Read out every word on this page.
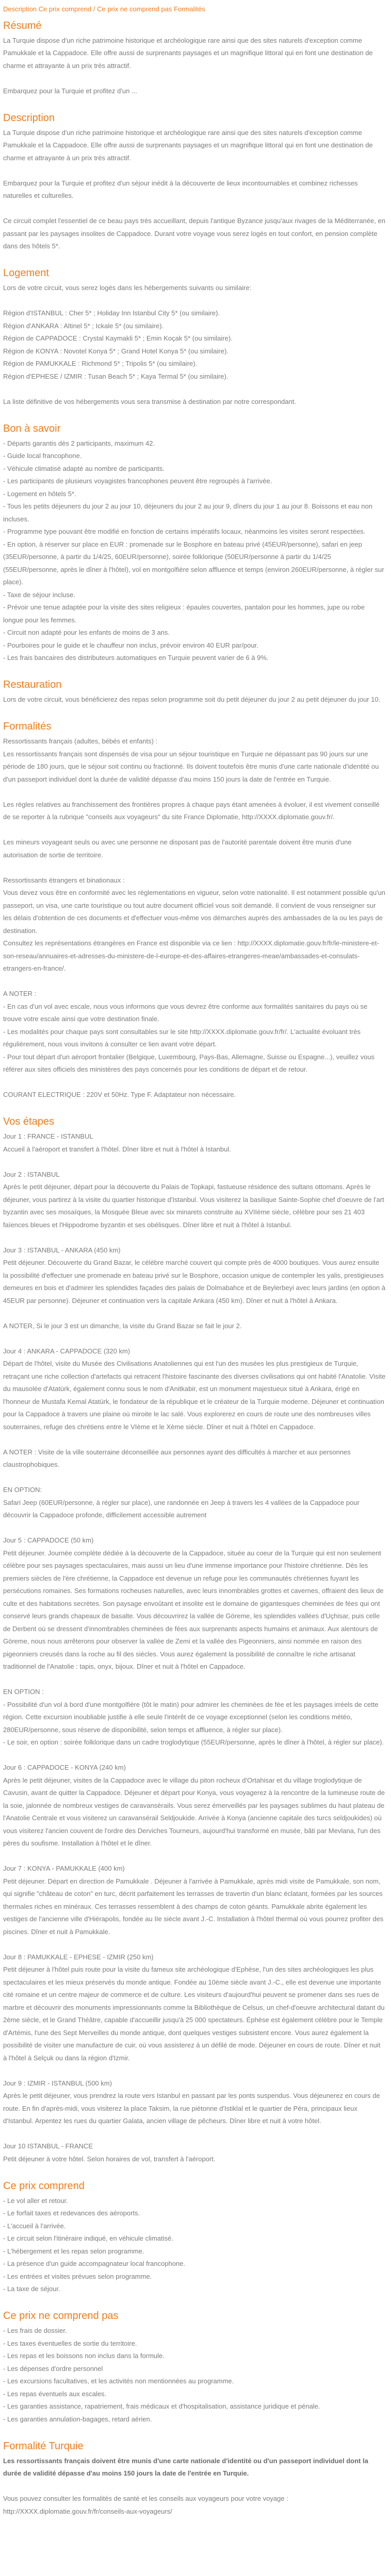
Description Ce prix comprend / Ce prix ne comprend pas Formalités
Résumé
La Turquie dispose d'un riche patrimoine historique et archéologique rare ainsi que des sites naturels d'exception comme Pamukkale et la Cappadoce. Elle offre aussi de surprenants paysages et un magnifique littoral qui en font une destination de charme et attrayante à un prix très attractif.
Embarquez pour la Turquie et profitez d'un ...
Description
La Turquie dispose d'un riche patrimoine historique et archéologique rare ainsi que des sites naturels d'exception comme Pamukkale et la Cappadoce. Elle offre aussi de surprenants paysages et un magnifique littoral qui en font une destination de charme et attrayante à un prix très attractif.
Embarquez pour la Turquie et profitez d'un séjour inédit à la découverte de lieux incontournables et combinez richesses naturelles et culturelles.
Ce circuit complet l'essentiel de ce beau pays très accueillant, depuis l'antique Byzance jusqu'aux rivages de la Méditerranée, en passant par les paysages insolites de Cappadoce. Durant votre voyage vous serez logés en tout confort, en pension complète dans des hôtels 5*.
Logement
Lors de votre circuit, vous serez logés dans les hébergements suivants ou similaire:
Région d'ISTANBUL : Cher 5* ; Holiday Inn Istanbul City 5* (ou similaire).
Région d'ANKARA : Altinel 5* ; Ickale 5* (ou similaire).
Région de CAPPADOCE : Crystal Kaymakli 5* ; Emin Koçak 5* (ou similaire).
Région de KONYA : Novotel Konya 5* ; Grand Hotel Konya 5* (ou similaire).
Région de PAMUKKALE : Richmond 5* ; Tripolis 5* (ou similaire).
Région d'EPHESE / IZMIR : Tusan Beach 5* ; Kaya Termal 5* (ou similaire).
La liste définitive de vos hébergements vous sera transmise à destination par notre correspondant.
Bon à savoir
- Départs garantis dès 2 participants, maximum 42.
- Guide local francophone.
- Véhicule climatisé adapté au nombre de participants.
- Les participants de plusieurs voyagistes francophones peuvent être regroupés à l'arrivée.
- Logement en hôtels 5*.
- Tous les petits déjeuners du jour 2 au jour 10, déjeuners du jour 2 au jour 9, dîners du jour 1 au jour 8. Boissons et eau non incluses.
- Programme type pouvant être modifié en fonction de certains impératifs locaux, néanmoins les visites seront respectées.
- En option, à réserver sur place en EUR : promenade sur le Bosphore en bateau privé (45EUR/personne), safari en jeep (35EUR/personne, à partir du 1/4/25, 60EUR/personne), soirée folklorique (50EUR/personne à partir du 1/4/25 (55EUR/personne, après le dîner à l'hôtel), vol en montgolfière selon affluence et temps (environ 260EUR/personne, à régler sur place).
- Taxe de séjour incluse.
- Prévoir une tenue adaptée pour la visite des sites religieux : épaules couvertes, pantalon pour les hommes, jupe ou robe longue pour les femmes.
- Circuit non adapté pour les enfants de moins de 3 ans.
- Pourboires pour le guide et le chauffeur non inclus, prévoir environ 40 EUR par/pour.
- Les frais bancaires des distributeurs automatiques en Turquie peuvent varier de 6 à 9%.
Restauration
Lors de votre circuit, vous bénéficierez des repas selon programme soit du petit déjeuner du jour 2 au petit déjeuner du jour 10.
Formalités
Ressortissants français (adultes, bébés et enfants) :
Les ressortissants français sont dispensés de visa pour un séjour touristique en Turquie ne dépassant pas 90 jours sur une période de 180 jours, que le séjour soit continu ou fractionné. Ils doivent toutefois être munis d'une carte nationale d'identité ou d'un passeport individuel dont la durée de validité dépasse d'au moins 150 jours la date de l'entrée en Turquie.
Les règles relatives au franchissement des frontières propres à chaque pays étant amenées à évoluer, il est vivement conseillé de se reporter à la rubrique "conseils aux voyageurs" du site France Diplomatie, http://XXXX.diplomatie.gouv.fr/.
Les mineurs voyageant seuls ou avec une personne ne disposant pas de l'autorité parentale doivent être munis d'une autorisation de sortie de territoire.
Ressortissants étrangers et binationaux :
Vous devez vous être en conformité avec les réglementations en vigueur, selon votre nationalité. Il est notamment possible qu'un passeport, un visa, une carte touristique ou tout autre document officiel vous soit demandé. Il convient de vous renseigner sur les délais d'obtention de ces documents et d'effectuer vous-même vos démarches auprès des ambassades de la ou les pays de destination.
Consultez les représentations étrangères en France est disponible via ce lien : http://XXXX.diplomatie.gouv.fr/fr/le-ministere-et-son-reseau/annuaires-et-adresses-du-ministere-de-l-europe-et-des-affaires-etrangeres-meae/ambassades-et-consulats-etrangers-en-france/.
A NOTER :
- En cas d'un vol avec escale, nous vous informons que vous devrez être conforme aux formalités sanitaires du pays où se trouve votre escale ainsi que votre destination finale.
- Les modalités pour chaque pays sont consultables sur le site http://XXXX.diplomatie.gouv.fr/fr/. L'actualité évoluant très régulièrement, nous vous invitons à consulter ce lien avant votre départ.
- Pour tout départ d'un aéroport frontalier (Belgique, Luxembourg, Pays-Bas, Allemagne, Suisse ou Espagne...), veuillez vous référer aux sites officiels des ministères des pays concernés pour les conditions de départ et de retour.
COURANT ELECTRIQUE : 220V et 50Hz. Type F. Adaptateur non nécessaire.
Vos étapes
Jour 1 : FRANCE - ISTANBUL
Accueil à l'aéroport et transfert à l'hôtel. Dîner libre et nuit à l'hôtel à Istanbul.
Jour 2 : ISTANBUL
Après le petit déjeuner, départ pour la découverte du Palais de Topkapi, fastueuse résidence des sultans ottomans. Après le déjeuner, vous partirez à la visite du quartier historique d'Istanbul. Vous visiterez la basilique Sainte-Sophie chef d'oeuvre de l'art byzantin avec ses mosaïques, la Mosquée Bleue avec six minarets construite au XVIIème siècle, célèbre pour ses 21 403 faïences bleues et l'Hippodrome byzantin et ses obélisques. Dîner libre et nuit à l'hôtel à Istanbul.
Jour 3 : ISTANBUL - ANKARA (450 km)
Petit déjeuner. Découverte du Grand Bazar, le célèbre marché couvert qui compte près de 4000 boutiques. Vous aurez ensuite la possibilité d'effectuer une promenade en bateau privé sur le Bosphore, occasion unique de contempler les yalis, prestigieuses demeures en bois et d'admirer les splendides façades des palais de Dolmabahce et de Beylerbeyi avec leurs jardins (en option à 45EUR par personne). Déjeuner et continuation vers la capitale Ankara (450 km). Dîner et nuit à l'hôtel à Ankara.
A NOTER, Si le jour 3 est un dimanche, la visite du Grand Bazar se fait le jour 2.
Jour 4 : ANKARA - CAPPADOCE (320 km)
Départ de l'hôtel, visite du Musée des Civilisations Anatoliennes qui est l'un des musées les plus prestigieux de Turquie, retraçant une riche collection d'artefacts qui retracent l'histoire fascinante des diverses civilisations qui ont habité l'Anatolie. Visite du mausolée d'Atatürk, également connu sous le nom d'Anitkabir, est un monument majestueux situé à Ankara, érigé en l'honneur de Mustafa Kemal Atatürk, le fondateur de la république et le créateur de la Turquie moderne. Déjeuner et continuation pour la Cappadoce à travers une plaine où miroite le lac salé. Vous explorerez en cours de route une des nombreuses villes souterraines, refuge des chrétiens entre le VIème et le Xème siècle. Dîner et nuit à l'hôtel en Cappadoce.
A NOTER : Visite de la ville souterraine déconseillée aux personnes ayant des difficultés à marcher et aux personnes claustrophobiques.
EN OPTION:
Safari Jeep (60EUR/personne, à régler sur place), une randonnée en Jeep à travers les 4 vallées de la Cappadoce pour découvrir la Cappadoce profonde, difficilement accessible autrement
Jour 5 : CAPPADOCE (50 km)
Petit déjeuner. Journée complète dédiée à la découverte de la Cappadoce, située au coeur de la Turquie qui est non seulement célèbre pour ses paysages spectaculaires, mais aussi un lieu d'une immense importance pour l'histoire chrétienne. Dès les premiers siècles de l'ère chrétienne, la Cappadoce est devenue un refuge pour les communautés chrétiennes fuyant les persécutions romaines. Ses formations rocheuses naturelles, avec leurs innombrables grottes et cavernes, offraient des lieux de culte et des habitations secrètes. Son paysage envoûtant et insolite est le domaine de gigantesques cheminées de fées qui ont conservé leurs grands chapeaux de basalte. Vous découvrirez la vallée de Göreme, les splendides vallées d'Uçhisar, puis celle de Derbent où se dressent d'innombrables cheminées de fées aux surprenants aspects humains et animaux. Aux alentours de Göreme, nous nous arrêterons pour observer la vallée de Zemi et la vallée des Pigeonniers, ainsi nommée en raison des pigeonniers creusés dans la roche au fil des siècles. Vous aurez également la possibilité de connaître le riche artisanat traditionnel de l'Anatolie : tapis, onyx, bijoux. Dîner et nuit à l'hôtel en Cappadoce.
EN OPTION :
- Possibilité d'un vol à bord d'une montgolfière (tôt le matin) pour admirer les cheminées de fée et les paysages irréels de cette région. Cette excursion inoubliable justifie à elle seule l'intérêt de ce voyage exceptionnel (selon les conditions météo, 280EUR/personne, sous réserve de disponibilité, selon temps et affluence, à régler sur place).
- Le soir, en option : soirée folklorique dans un cadre troglodytique (55EUR/personne, après le dîner à l'hôtel, à régler sur place).
Jour 6 : CAPPADOCE - KONYA (240 km)
Après le petit déjeuner, visites de la Cappadoce avec le village du piton rocheux d'Ortahisar et du village troglodytique de Cavusin, avant de quitter la Cappadoce. Déjeuner et départ pour Konya, vous voyagerez à la rencontre de la lumineuse route de la soie, jalonnée de nombreux vestiges de caravansérails. Vous serez émerveillés par les paysages sublimes du haut plateau de l'Anatolie Centrale et vous visiterez un caravansérail Seldjoukide. Arrivée à Konya (ancienne capitale des turcs seldjoukides) où vous visiterez l'ancien couvent de l'ordre des Derviches Tourneurs, aujourd'hui transformé en musée, bâti par Mevlana, l'un des pères du soufisme. Installation à l'hôtel et le dîner.
Jour 7 : KONYA - PAMUKKALE (400 km)
Petit déjeuner. Départ en direction de Pamukkale . Déjeuner à l'arrivée à Pamukkale, après midi visite de Pamukkale, son nom, qui signifie "château de coton" en turc, décrit parfaitement les terrasses de travertin d'un blanc éclatant, formées par les sources thermales riches en minéraux. Ces terrasses ressemblent à des champs de coton géants. Pamukkale abrite également les vestiges de l'ancienne ville d'Hiérapolis, fondée au IIe siècle avant J.-C. Installation à l'hôtel thermal où vous pourrez profiter des piscines. Dîner et nuit à Pamukkale.
Jour 8 : PAMUKKALE - EPHESE - IZMIR (250 km)
Petit déjeuner à l'hôtel puis route pour la visite du fameux site archéologique d'Ephèse, l'un des sites archéologiques les plus spectaculaires et les mieux préservés du monde antique. Fondée au 10ème siècle avant J.-C., elle est devenue une importante cité romaine et un centre majeur de commerce et de culture. Les visiteurs d'aujourd'hui peuvent se promener dans ses rues de marbre et découvrir des monuments impressionnants comme la Bibliothèque de Celsus, un chef-d'oeuvre architectural datant du 2ème siècle, et le Grand Théâtre, capable d'accueillir jusqu'à 25 000 spectateurs. Éphèse est également célèbre pour le Temple d'Artémis, l'une des Sept Merveilles du monde antique, dont quelques vestiges subsistent encore. Vous aurez également la possibilité de visiter une manufacture de cuir, où vous assisterez à un défilé de mode. Déjeuner en cours de route. Dîner et nuit à l'hôtel à Selçuk ou dans la région d'Izmir.
Jour 9 : IZMIR - ISTANBUL (500 km)
Après le petit déjeuner, vous prendrez la route vers Istanbul en passant par les ponts suspendus. Vous déjeunerez en cours de route. En fin d'après-midi, vous visiterez la place Taksim, la rue piétonne d'Istiklal et le quartier de Péra, principaux lieux d'Istanbul. Arpentez les rues du quartier Galata, ancien village de pêcheurs. Dîner libre et nuit à votre hôtel.
Jour 10 ISTANBUL - FRANCE
Petit déjeuner à votre hôtel. Selon horaires de vol, transfert à l'aéroport.
Ce prix comprend
- Le vol aller et retour.
- Le forfait taxes et redevances des aéroports.
- L'accueil à l'arrivée.
- Le circuit selon l'itinéraire indiqué, en véhicule climatisé.
- L'hébergement et les repas selon programme.
- La présence d'un guide accompagnateur local francophone.
- Les entrées et visites prévues selon programme.
- La taxe de séjour.
Ce prix ne comprend pas
- Les frais de dossier.
- Les taxes éventuelles de sortie du territoire.
- Les repas et les boissons non inclus dans la formule.
- Les dépenses d'ordre personnel
- Les excursions facultatives, et les activités non mentionnées au programme.
- Les repas éventuels aux escales.
- Les garanties assistance, rapatriement, frais médicaux et d'hospitalisation, assistance juridique et pénale.
- Les garanties annulation-bagages, retard aérien.
Formalité Turquie
Les ressortissants français doivent être munis d'une carte nationale d'identité ou d'un passeport individuel dont la durée de validité dépasse d'au moins 150 jours la date de l'entrée en Turquie.
Vous pouvez consulter les formalités de santé et les conseils aux voyageurs pour votre voyage : http://XXXX.diplomatie.gouv.fr/fr/conseils-aux-voyageurs/
